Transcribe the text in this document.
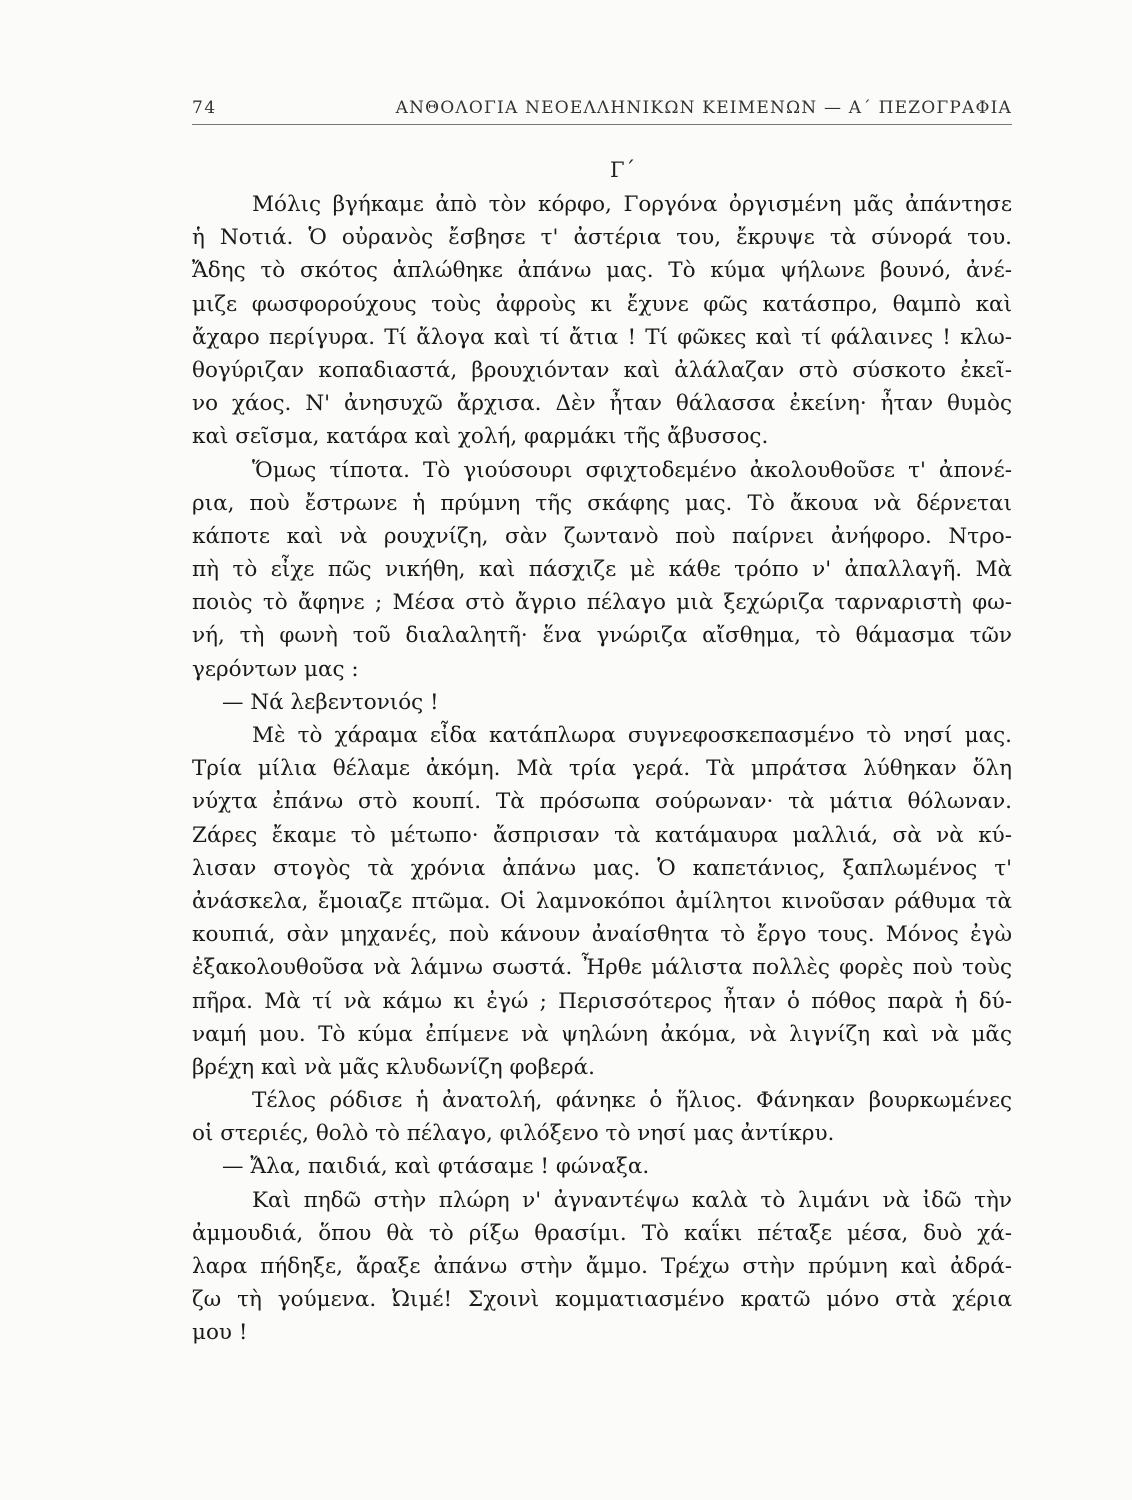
74	ΑΝΘΟΛΟΓΙΑ ΝΕΟΕΛΛΗΝΙΚΩΝ ΚΕΙΜΕΝΩΝ — Α΄ ΠΕΖΟΓΡΑΦΙΑ
Γ΄
Μόλις βγήκαμε ἀπὸ τὸν κόρφο, Γοργόνα ὀργισμένη μᾶς ἀπάντησε
ἡ Νοτιά. Ὁ οὐρανὸς ἔσβησε τ' ἀστέρια του, ἔκρυψε τὰ σύνορά του.
Ἄδης τὸ σκότος ἁπλώθηκε ἀπάνω μας. Τὸ κύμα ψήλωνε βουνό, ἀνέ-
μιζε φωσφορούχους τοὺς ἀφροὺς κι ἔχυνε φῶς κατάσπρο, θαμπὸ καὶ
ἄχαρο περίγυρα. Τί ἄλογα καὶ τί ἄτια ! Τί φῶκες καὶ τί φάλαινες ! κλω-
θογύριζαν κοπαδιαστά, βρουχιόνταν καὶ ἀλάλαζαν στὸ σύσκοτο ἐκεῖ-
νο χάος. Ν' ἀνησυχῶ ἄρχισα. Δὲν ἦταν θάλασσα ἐκείνη· ἦταν θυμὸς
καὶ σεῖσμα, κατάρα καὶ χολή, φαρμάκι τῆς ἄβυσσος.
Ὅμως τίποτα. Τὸ γιούσουρι σφιχτοδεμένο ἀκολουθοῦσε τ' ἀπονέ-
ρια, ποὺ ἔστρωνε ἡ πρύμνη τῆς σκάφης μας. Τὸ ἄκουα νὰ δέρνεται
κάποτε καὶ νὰ ρουχνίζη, σὰν ζωντανὸ ποὺ παίρνει ἀνήφορο. Ντρο-
πὴ τὸ εἶχε πῶς νικήθη, καὶ πάσχιζε μὲ κάθε τρόπο ν' ἀπαλλαγῆ. Μὰ
ποιὸς τὸ ἄφηνε ; Μέσα στὸ ἄγριο πέλαγο μιὰ ξεχώριζα ταρναριστὴ φω-
νή, τὴ φωνὴ τοῦ διαλαλητῆ· ἕνα γνώριζα αἴσθημα, τὸ θάμασμα τῶν
γερόντων μας :
— Νά λεβεντονιός !
Μὲ τὸ χάραμα εἶδα κατάπλωρα συγνεφοσκεπασμένο τὸ νησί μας.
Τρία μίλια θέλαμε ἀκόμη. Μὰ τρία γερά. Τὰ μπράτσα λύθηκαν ὅλη
νύχτα ἐπάνω στὸ κουπί. Τὰ πρόσωπα σούρωναν· τὰ μάτια θόλωναν.
Ζάρες ἔκαμε τὸ μέτωπο· ἄσπρισαν τὰ κατάμαυρα μαλλιά, σὰ νὰ κύ-
λισαν στογὸς τὰ χρόνια ἀπάνω μας. Ὁ καπετάνιος, ξαπλωμένος τ'
ἀνάσκελα, ἔμοιαζε πτῶμα. Οἱ λαμνοκόποι ἀμίλητοι κινοῦσαν ράθυμα τὰ
κουπιά, σὰν μηχανές, ποὺ κάνουν ἀναίσθητα τὸ ἔργο τους. Μόνος ἐγὼ
ἐξακολουθοῦσα νὰ λάμνω σωστά. Ἦρθε μάλιστα πολλὲς φορὲς ποὺ τοὺς
πῆρα. Μὰ τί νὰ κάμω κι ἐγώ ; Περισσότερος ἦταν ὁ πόθος παρὰ ἡ δύ-
ναμή μου. Τὸ κύμα ἐπίμενε νὰ ψηλώνη ἀκόμα, νὰ λιγνίζη καὶ νὰ μᾶς
βρέχη καὶ νὰ μᾶς κλυδωνίζη φοβερά.
Τέλος ρόδισε ἡ ἀνατολή, φάνηκε ὁ ἥλιος. Φάνηκαν βουρκωμένες
οἱ στεριές, θολὸ τὸ πέλαγο, φιλόξενο τὸ νησί μας ἀντίκρυ.
— Ἄλα, παιδιά, καὶ φτάσαμε ! φώναξα.
Καὶ πηδῶ στὴν πλώρη ν' ἀγναντέψω καλὰ τὸ λιμάνι νὰ ἰδῶ τὴν
ἀμμουδιά, ὅπου θὰ τὸ ρίξω θρασίμι. Τὸ καΐκι πέταξε μέσα, δυὸ χά-
λαρα πήδηξε, ἄραξε ἀπάνω στὴν ἄμμο. Τρέχω στὴν πρύμνη καὶ ἀδρά-
ζω τὴ γούμενα. Ὠιμέ! Σχοινὶ κομματιασμένο κρατῶ μόνο στὰ χέρια
μου !
